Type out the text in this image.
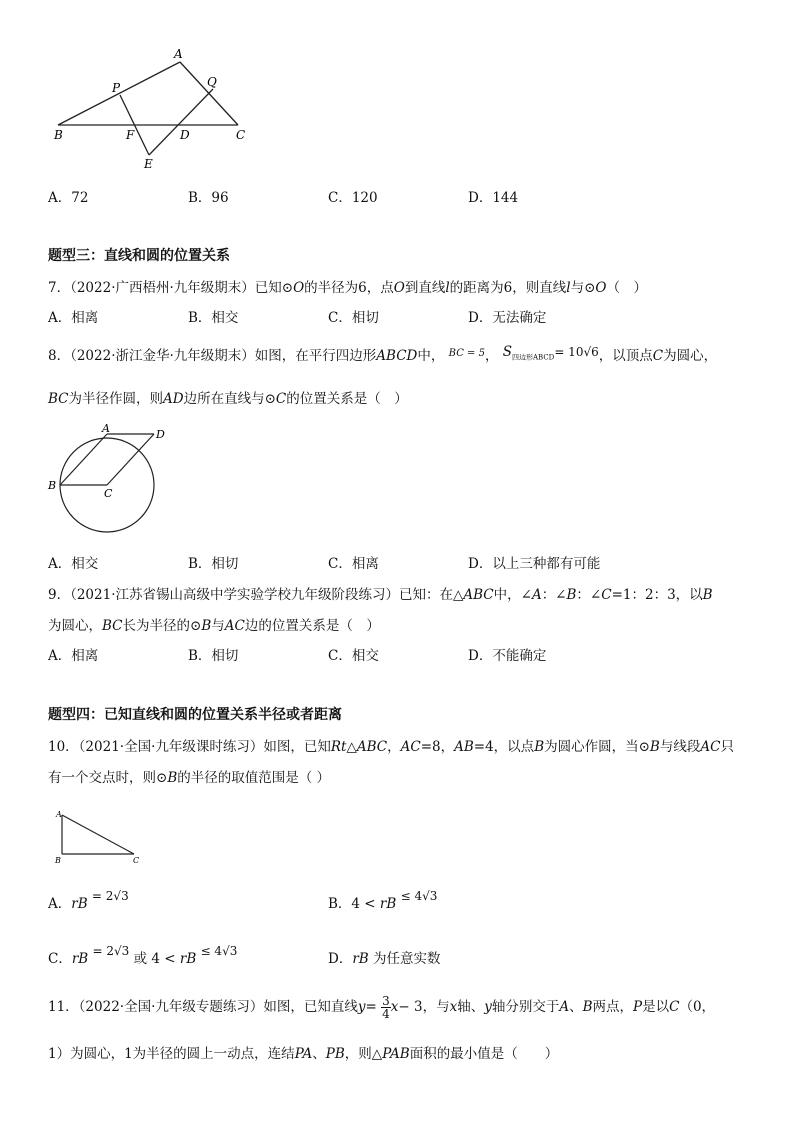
A
P	Q
B	F	D	C
E
A．72	B．96	C．120	D．144
题型三：直线和圆的位置关系
7．（2022·广西梧州·九年级期末）已知⊙O的半径为6，点O到直线l的距离为6，则直线l与⊙O（　）
A．相离	B．相交	C．相切	D．无法确定
8．（2022·浙江金华·九年级期末）如图，在平行四边形ABCD中， $^{BC = 5}$， $S_{四边形ABCD}= 10√6$，以顶点C为圆心，
BC为半径作圆，则AD边所在直线与⊙C的位置关系是（　）
A	D
B
C
A．相交	B．相切	C．相离	D．以上三种都有可能
9．（2021·江苏省锡山高级中学实验学校九年级阶段练习）已知：在△ABC中，∠A：∠B：∠C=1：2：3，以B
为圆心，BC长为半径的⊙B与AC边的位置关系是（　）
A．相离	B．相切	C．相交	D．不能确定
题型四：已知直线和圆的位置关系半径或者距离
10．（2021·全国·九年级课时练习）如图，已知Rt△ABC，AC=8，AB=4，以点B为圆心作圆，当⊙B与线段AC只
有一个交点时，则⊙B的半径的取值范围是（ ）
A
B	C
A．rB = 2√3	B．4 < rB ≤ 4√3
C．rB = 2√3 或 4 < rB ≤ 4√3	D．rB 为任意实数
11．（2022·全国·九年级专题练习）如图，已知直线$y= \frac{3}{4} x- 3$，与x轴、y轴分别交于A、B两点，P是以C（0，
1）为圆心，1为半径的圆上一动点，连结PA、PB，则△PAB面积的最小值是（　　）
